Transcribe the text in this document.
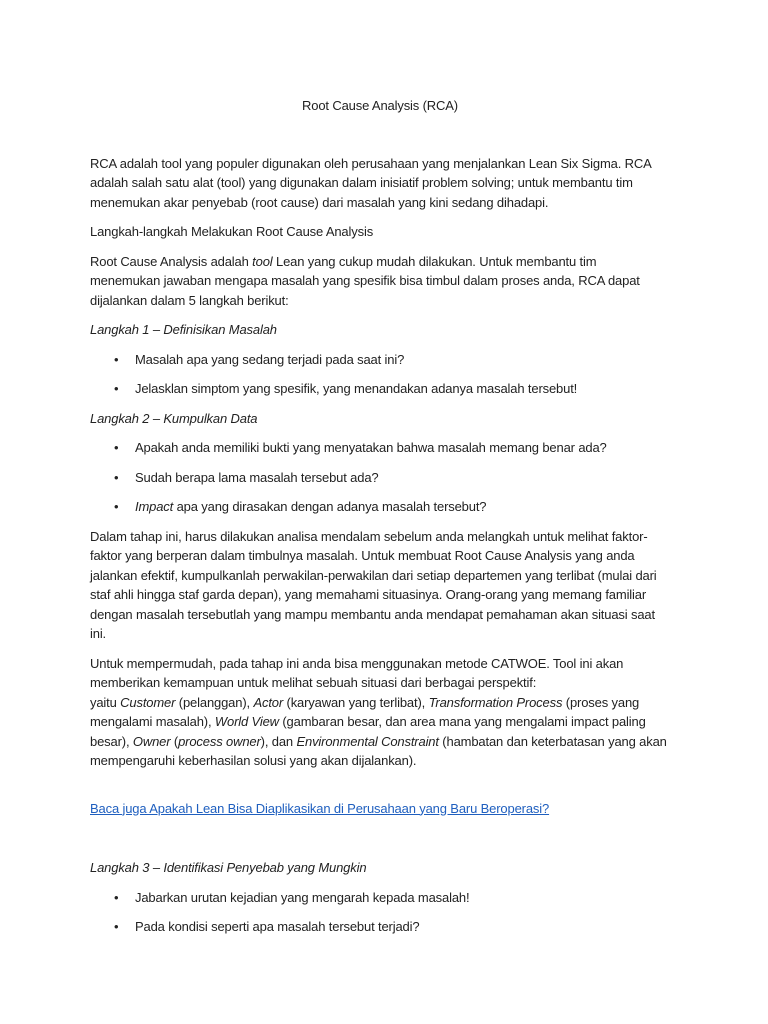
Root Cause Analysis (RCA)

RCA adalah tool yang populer digunakan oleh perusahaan yang menjalankan Lean Six Sigma. RCA adalah salah satu alat (tool) yang digunakan dalam inisiatif problem solving; untuk membantu tim menemukan akar penyebab (root cause) dari masalah yang kini sedang dihadapi.

Langkah-langkah Melakukan Root Cause Analysis

Root Cause Analysis adalah tool Lean yang cukup mudah dilakukan. Untuk membantu tim menemukan jawaban mengapa masalah yang spesifik bisa timbul dalam proses anda, RCA dapat dijalankan dalam 5 langkah berikut:

Langkah 1 – Definisikan Masalah

• Masalah apa yang sedang terjadi pada saat ini?
• Jelasklan simptom yang spesifik, yang menandakan adanya masalah tersebut!

Langkah 2 – Kumpulkan Data

• Apakah anda memiliki bukti yang menyatakan bahwa masalah memang benar ada?
• Sudah berapa lama masalah tersebut ada?
• Impact apa yang dirasakan dengan adanya masalah tersebut?

Dalam tahap ini, harus dilakukan analisa mendalam sebelum anda melangkah untuk melihat faktor-faktor yang berperan dalam timbulnya masalah. Untuk membuat Root Cause Analysis yang anda jalankan efektif, kumpulkanlah perwakilan-perwakilan dari setiap departemen yang terlibat (mulai dari staf ahli hingga staf garda depan), yang memahami situasinya. Orang-orang yang memang familiar dengan masalah tersebutlah yang mampu membantu anda mendapat pemahaman akan situasi saat ini.

Untuk mempermudah, pada tahap ini anda bisa menggunakan metode CATWOE. Tool ini akan memberikan kemampuan untuk melihat sebuah situasi dari berbagai perspektif:
yaitu Customer (pelanggan), Actor (karyawan yang terlibat), Transformation Process (proses yang mengalami masalah), World View (gambaran besar, dan area mana yang mengalami impact paling besar), Owner (process owner), dan Environmental Constraint (hambatan dan keterbatasan yang akan mempengaruhi keberhasilan solusi yang akan dijalankan).

Baca juga Apakah Lean Bisa Diaplikasikan di Perusahaan yang Baru Beroperasi?

Langkah 3 – Identifikasi Penyebab yang Mungkin

• Jabarkan urutan kejadian yang mengarah kepada masalah!
• Pada kondisi seperti apa masalah tersebut terjadi?
